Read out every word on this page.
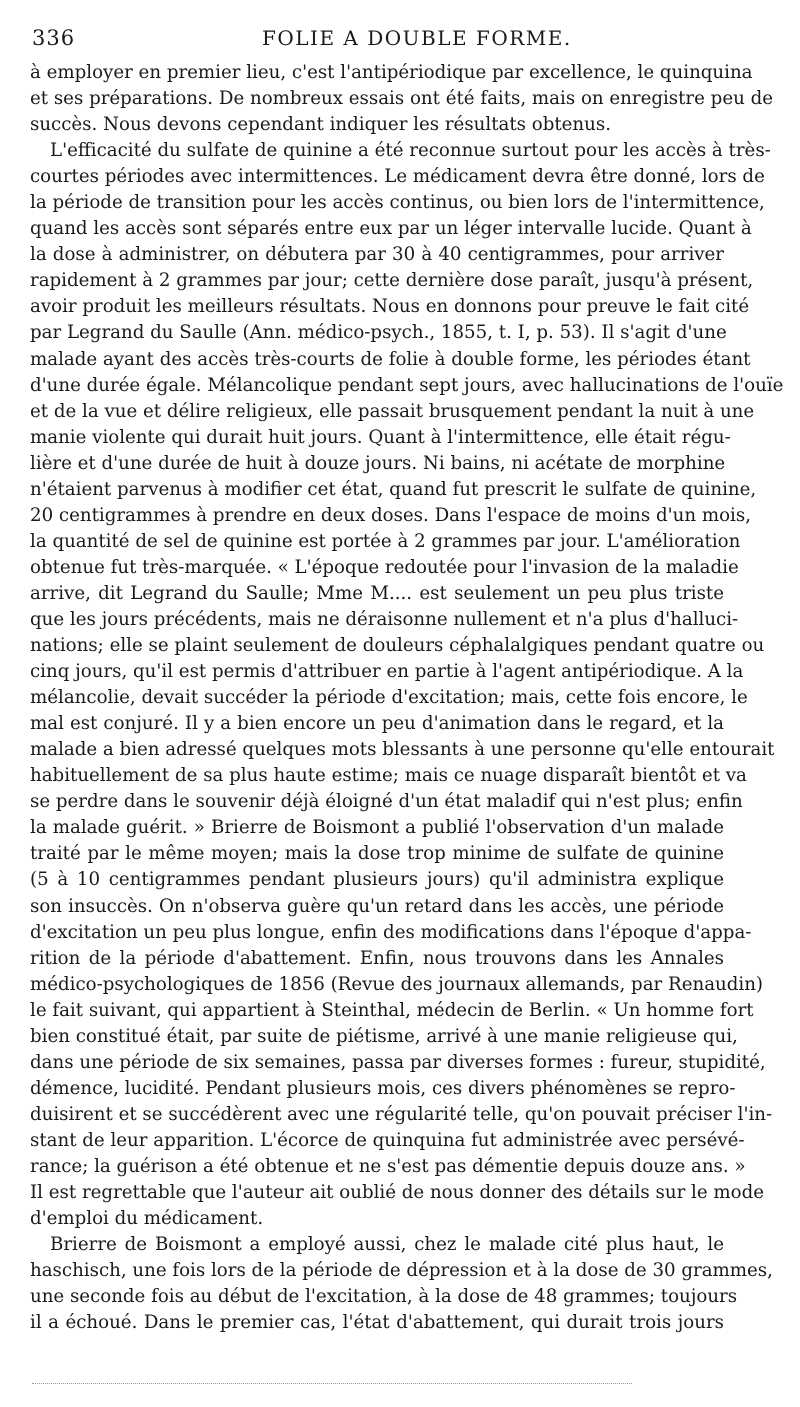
336	FOLIE A DOUBLE FORME.
à employer en premier lieu, c'est l'antipériodique par excellence, le quinquina
et ses préparations. De nombreux essais ont été faits, mais on enregistre peu de
succès. Nous devons cependant indiquer les résultats obtenus.
L'efficacité du sulfate de quinine a été reconnue surtout pour les accès à très-
courtes périodes avec intermittences. Le médicament devra être donné, lors de
la période de transition pour les accès continus, ou bien lors de l'intermittence,
quand les accès sont séparés entre eux par un léger intervalle lucide. Quant à
la dose à administrer, on débutera par 30 à 40 centigrammes, pour arriver
rapidement à 2 grammes par jour; cette dernière dose paraît, jusqu'à présent,
avoir produit les meilleurs résultats. Nous en donnons pour preuve le fait cité
par Legrand du Saulle (Ann. médico-psych., 1855, t. I, p. 53). Il s'agit d'une
malade ayant des accès très-courts de folie à double forme, les périodes étant
d'une durée égale. Mélancolique pendant sept jours, avec hallucinations de l'ouïe
et de la vue et délire religieux, elle passait brusquement pendant la nuit à une
manie violente qui durait huit jours. Quant à l'intermittence, elle était régu-
lière et d'une durée de huit à douze jours. Ni bains, ni acétate de morphine
n'étaient parvenus à modifier cet état, quand fut prescrit le sulfate de quinine,
20 centigrammes à prendre en deux doses. Dans l'espace de moins d'un mois,
la quantité de sel de quinine est portée à 2 grammes par jour. L'amélioration
obtenue fut très-marquée. « L'époque redoutée pour l'invasion de la maladie
arrive, dit Legrand du Saulle; Mme M.... est seulement un peu plus triste
que les jours précédents, mais ne déraisonne nullement et n'a plus d'halluci-
nations; elle se plaint seulement de douleurs céphalalgiques pendant quatre ou
cinq jours, qu'il est permis d'attribuer en partie à l'agent antipériodique. A la
mélancolie, devait succéder la période d'excitation; mais, cette fois encore, le
mal est conjuré. Il y a bien encore un peu d'animation dans le regard, et la
malade a bien adressé quelques mots blessants à une personne qu'elle entourait
habituellement de sa plus haute estime; mais ce nuage disparaît bientôt et va
se perdre dans le souvenir déjà éloigné d'un état maladif qui n'est plus; enfin
la malade guérit. » Brierre de Boismont a publié l'observation d'un malade
traité par le même moyen; mais la dose trop minime de sulfate de quinine
(5 à 10 centigrammes pendant plusieurs jours) qu'il administra explique
son insuccès. On n'observa guère qu'un retard dans les accès, une période
d'excitation un peu plus longue, enfin des modifications dans l'époque d'appa-
rition de la période d'abattement. Enfin, nous trouvons dans les Annales
médico-psychologiques de 1856 (Revue des journaux allemands, par Renaudin)
le fait suivant, qui appartient à Steinthal, médecin de Berlin. « Un homme fort
bien constitué était, par suite de piétisme, arrivé à une manie religieuse qui,
dans une période de six semaines, passa par diverses formes : fureur, stupidité,
démence, lucidité. Pendant plusieurs mois, ces divers phénomènes se repro-
duisirent et se succédèrent avec une régularité telle, qu'on pouvait préciser l'in-
stant de leur apparition. L'écorce de quinquina fut administrée avec persévé-
rance; la guérison a été obtenue et ne s'est pas démentie depuis douze ans. »
Il est regrettable que l'auteur ait oublié de nous donner des détails sur le mode
d'emploi du médicament.
Brierre de Boismont a employé aussi, chez le malade cité plus haut, le
haschisch, une fois lors de la période de dépression et à la dose de 30 grammes,
une seconde fois au début de l'excitation, à la dose de 48 grammes; toujours
il a échoué. Dans le premier cas, l'état d'abattement, qui durait trois jours
